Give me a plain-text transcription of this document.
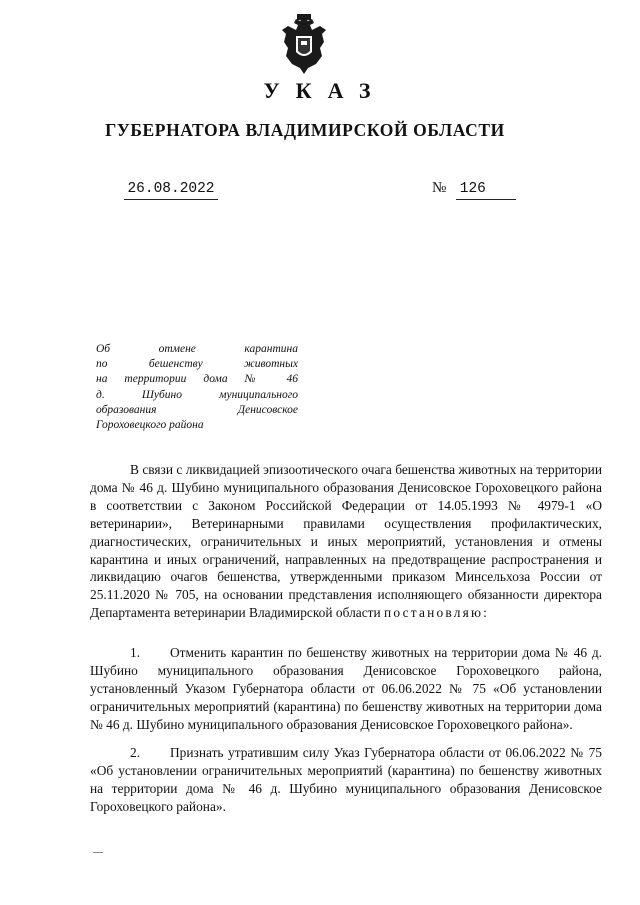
УКАЗ
ГУБЕРНАТОРА ВЛАДИМИРСКОЙ ОБЛАСТИ
26.08.2022	№ 126
Об отмене карантина
по бешенству животных
на территории дома № 46
д. Шубино муниципального
образования Денисовское
Гороховецкого района
В связи с ликвидацией эпизоотического очага бешенства животных на территории дома № 46 д. Шубино муниципального образования Денисовское Гороховецкого района в соответствии с Законом Российской Федерации от 14.05.1993 № 4979-1 «О ветеринарии», Ветеринарными правилами осуществления профилактических, диагностических, ограничительных и иных мероприятий, установления и отмены карантина и иных ограничений, направленных на предотвращение распространения и ликвидацию очагов бешенства, утвержденными приказом Минсельхоза России от 25.11.2020 № 705, на основании представления исполняющего обязанности директора Департамента ветеринарии Владимирской области постановляю:
1. Отменить карантин по бешенству животных на территории дома № 46 д. Шубино муниципального образования Денисовское Гороховецкого района, установленный Указом Губернатора области от 06.06.2022 № 75 «Об установлении ограничительных мероприятий (карантина) по бешенству животных на территории дома № 46 д. Шубино муниципального образования Денисовское Гороховецкого района».
2. Признать утратившим силу Указ Губернатора области от 06.06.2022 № 75 «Об установлении ограничительных мероприятий (карантина) по бешенству животных на территории дома № 46 д. Шубино муниципального образования Денисовское Гороховецкого района».
